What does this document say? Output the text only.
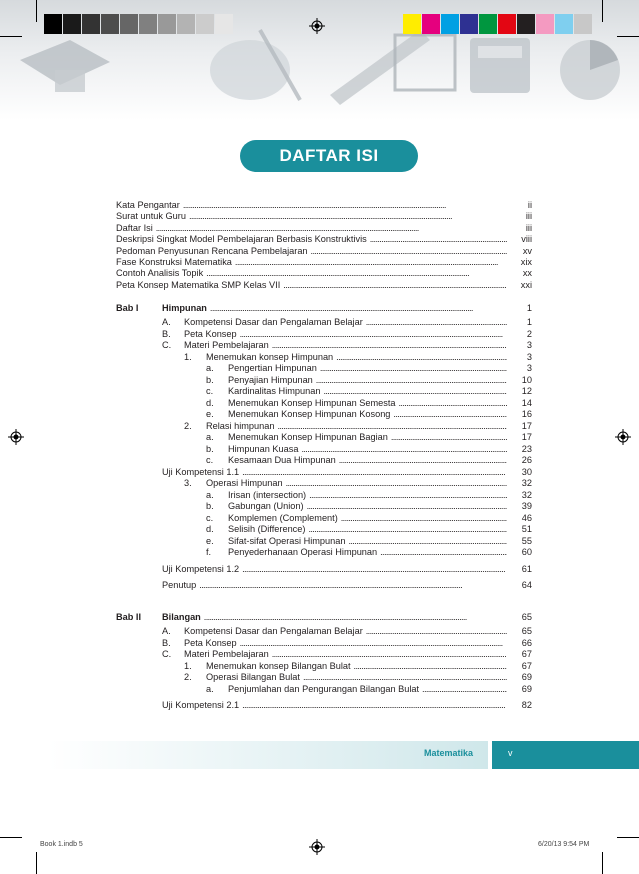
DAFTAR ISI
Kata Pengantar . . .	ii
Surat untuk Guru . . .	iii
Daftar Isi . . .	iii
Deskripsi Singkat Model Pembelajaran Berbasis Konstruktivis . . .	viii
Pedoman Penyusunan Rencana Pembelajaran . . .	xv
Fase Konstruksi Matematika . . .	xix
Contoh Analisis Topik . . .	xx
Peta Konsep Matematika SMP Kelas VII . . .	xxi
Bab I	Himpunan . . .	1
A. Kompetensi Dasar dan Pengalaman Belajar . . .	1
B. Peta Konsep . . .	2
C. Materi Pembelajaran . . .	3
1. Menemukan konsep Himpunan . . .	3
a. Pengertian Himpunan . . .	3
b. Penyajian Himpunan . . .	10
c. Kardinalitas Himpunan . . .	12
d. Menemukan Konsep Himpunan Semesta . . .	14
e. Menemukan Konsep Himpunan Kosong . . .	16
2. Relasi himpunan . . .	17
a. Menemukan Konsep Himpunan Bagian . . .	17
b. Himpunan Kuasa . . .	23
c. Kesamaan Dua Himpunan . . .	26
Uji Kompetensi 1.1 . . .	30
3. Operasi Himpunan . . .	32
a. Irisan (intersection) . . .	32
b. Gabungan (Union) . . .	39
c. Komplemen (Complement) . . .	46
d. Selisih (Difference) . . .	51
e. Sifat-sifat Operasi Himpunan . . .	55
f. Penyederhanaan Operasi Himpunan . . .	60
Uji Kompetensi 1.2 . . .	61
Penutup . . .	64
Bab II Bilangan . . .	65
A. Kompetensi Dasar dan Pengalaman Belajar . . .	65
B. Peta Konsep . . .	66
C. Materi Pembelajaran . . .	67
1. Menemukan konsep Bilangan Bulat . . .	67
2. Operasi Bilangan Bulat . . .	69
a. Penjumlahan dan Pengurangan Bilangan Bulat . . .	69
Uji Kompetensi 2.1 . . .	82
Matematika	v
Book 1.indb 5	6/20/13 9:54 PM
